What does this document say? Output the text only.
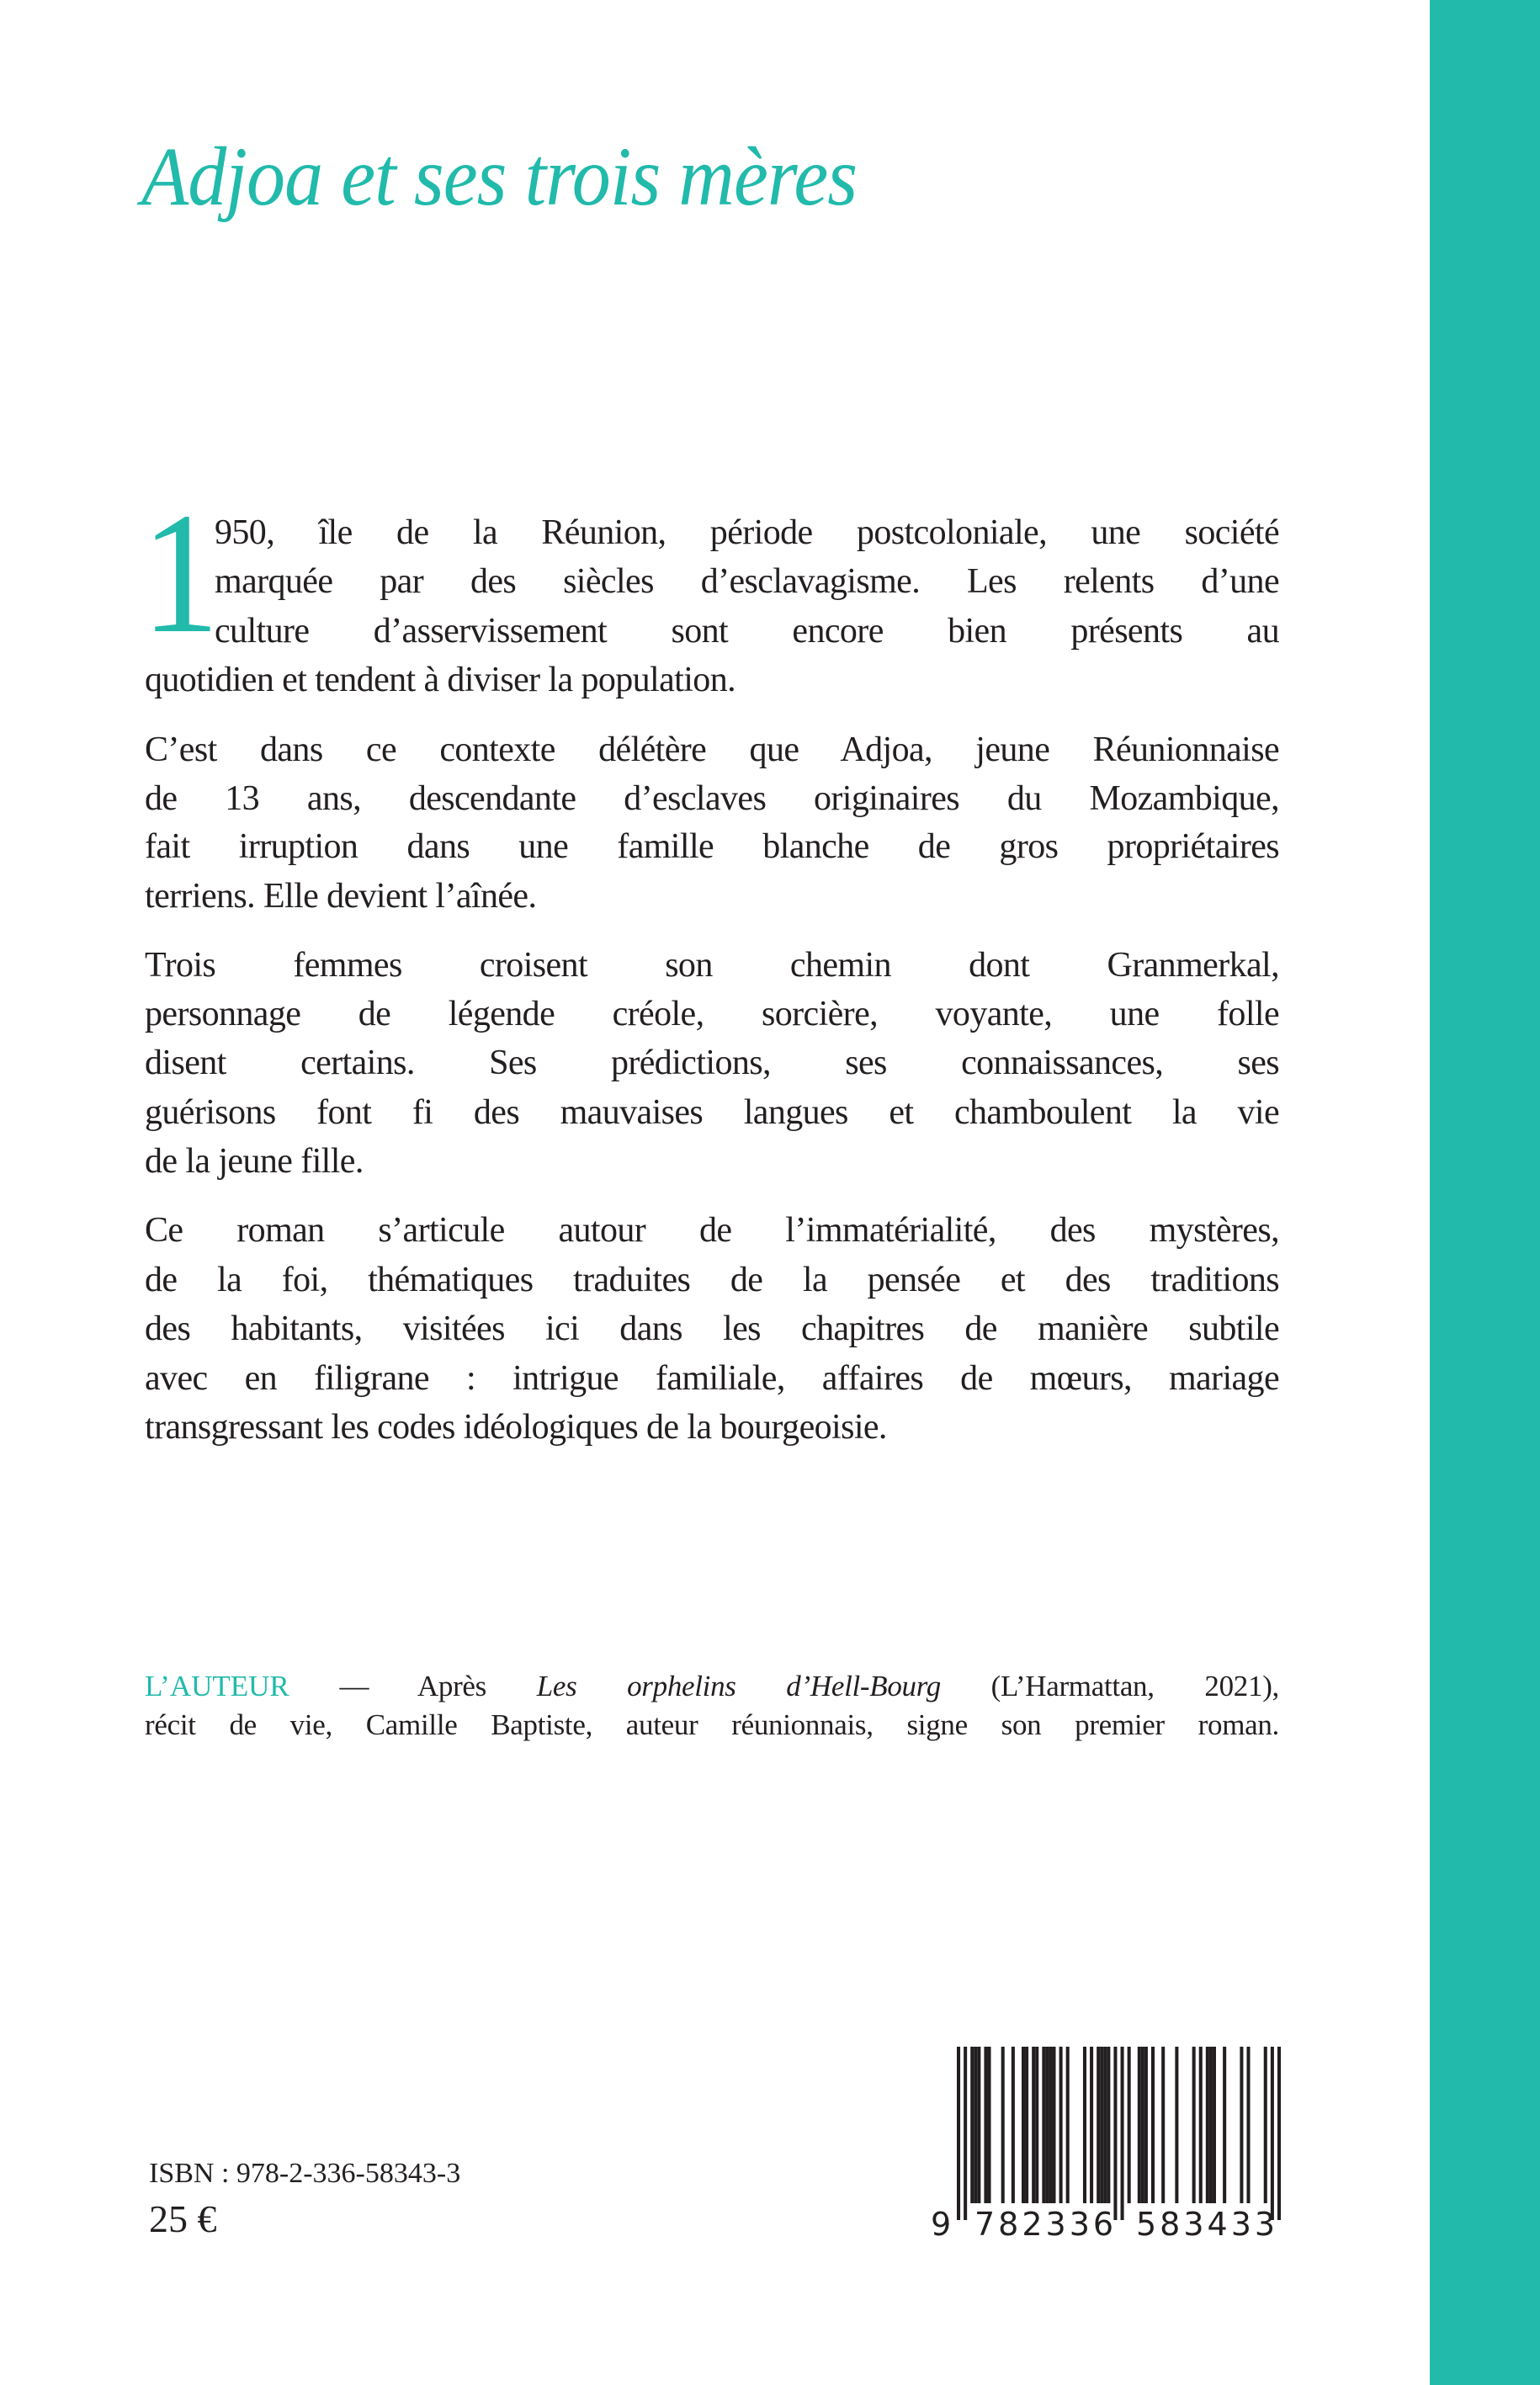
Adjoa et ses trois mères
1
950, île de la Réunion, période postcoloniale, une société
marquée par des siècles d’esclavagisme. Les relents d’une
culture d’asservissement sont encore bien présents au
quotidien et tendent à diviser la population.
C’est dans ce contexte délétère que Adjoa, jeune Réunionnaise
de 13 ans, descendante d’esclaves originaires du Mozambique,
fait irruption dans une famille blanche de gros propriétaires
terriens. Elle devient l’aînée.
Trois femmes croisent son chemin dont Granmerkal,
personnage de légende créole, sorcière, voyante, une folle
disent certains. Ses prédictions, ses connaissances, ses
guérisons font fi des mauvaises langues et chamboulent la vie
de la jeune fille.
Ce roman s’articule autour de l’immatérialité, des mystères,
de la foi, thématiques traduites de la pensée et des traditions
des habitants, visitées ici dans les chapitres de manière subtile
avec en filigrane : intrigue familiale, affaires de mœurs, mariage
transgressant les codes idéologiques de la bourgeoisie.
L’AUTEUR — Après Les orphelins d’Hell-Bourg (L’Harmattan, 2021),
récit de vie, Camille Baptiste, auteur réunionnais, signe son premier roman.
ISBN : 978-2-336-58343-3
25 €	9 782336 583433
